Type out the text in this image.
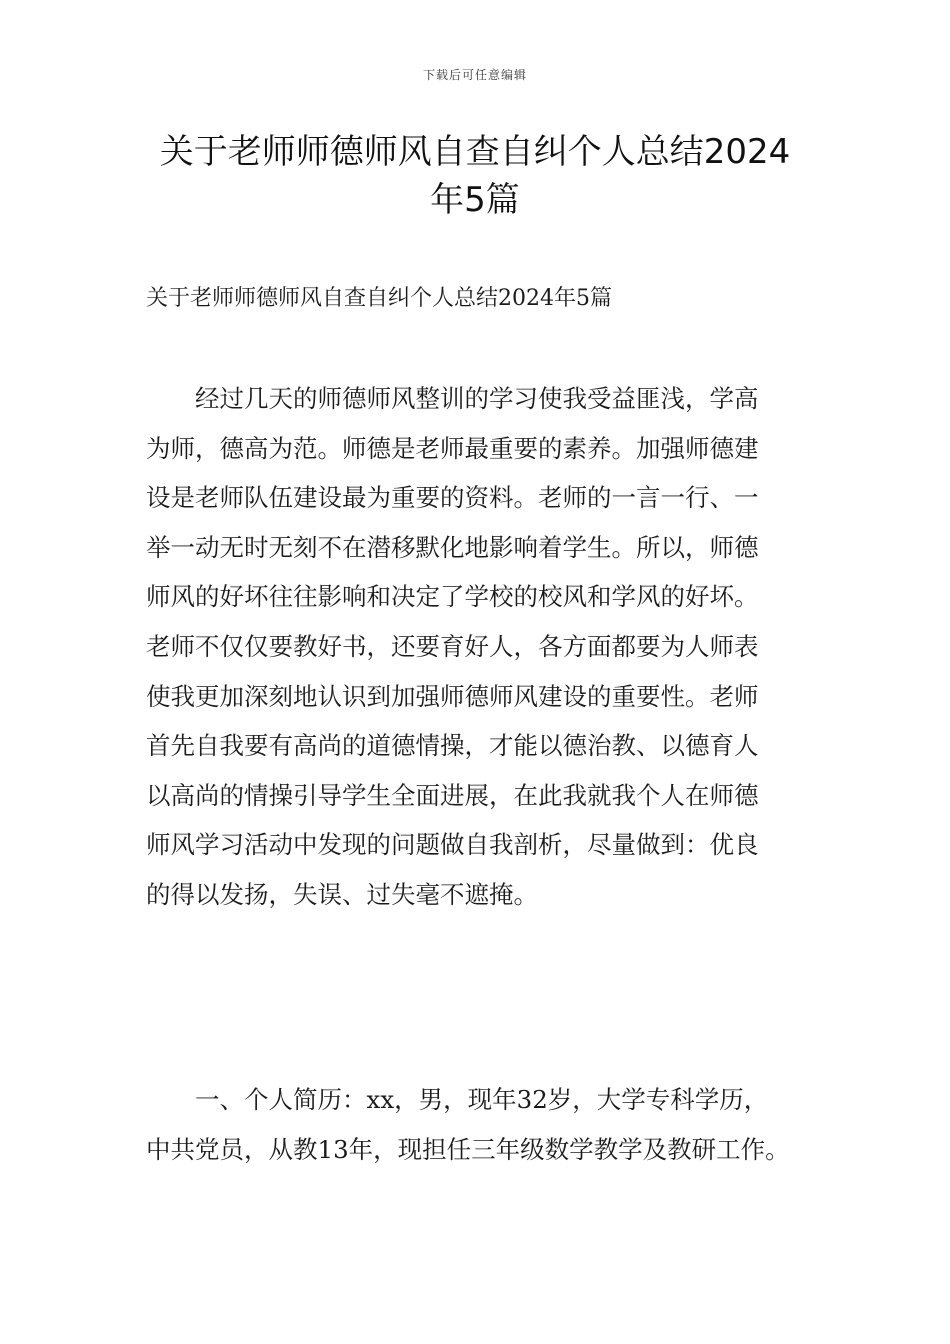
下载后可任意编辑
关于老师师德师风自查自纠个人总结2024
年5篇

关于老师师德师风自查自纠个人总结2024年5篇

　　经过几天的师德师风整训的学习使我受益匪浅，学高
为师，德高为范。师德是老师最重要的素养。加强师德建
设是老师队伍建设最为重要的资料。老师的一言一行、一
举一动无时无刻不在潜移默化地影响着学生。所以，师德
师风的好坏往往影响和决定了学校的校风和学风的好坏。
老师不仅仅要教好书，还要育好人，各方面都要为人师表
使我更加深刻地认识到加强师德师风建设的重要性。老师
首先自我要有高尚的道德情操，才能以德治教、以德育人
以高尚的情操引导学生全面进展，在此我就我个人在师德
师风学习活动中发现的问题做自我剖析，尽量做到：优良
的得以发扬，失误、过失毫不遮掩。
　　一、个人简历：xx，男，现年32岁，大学专科学历，
中共党员，从教13年，现担任三年级数学教学及教研工作。
